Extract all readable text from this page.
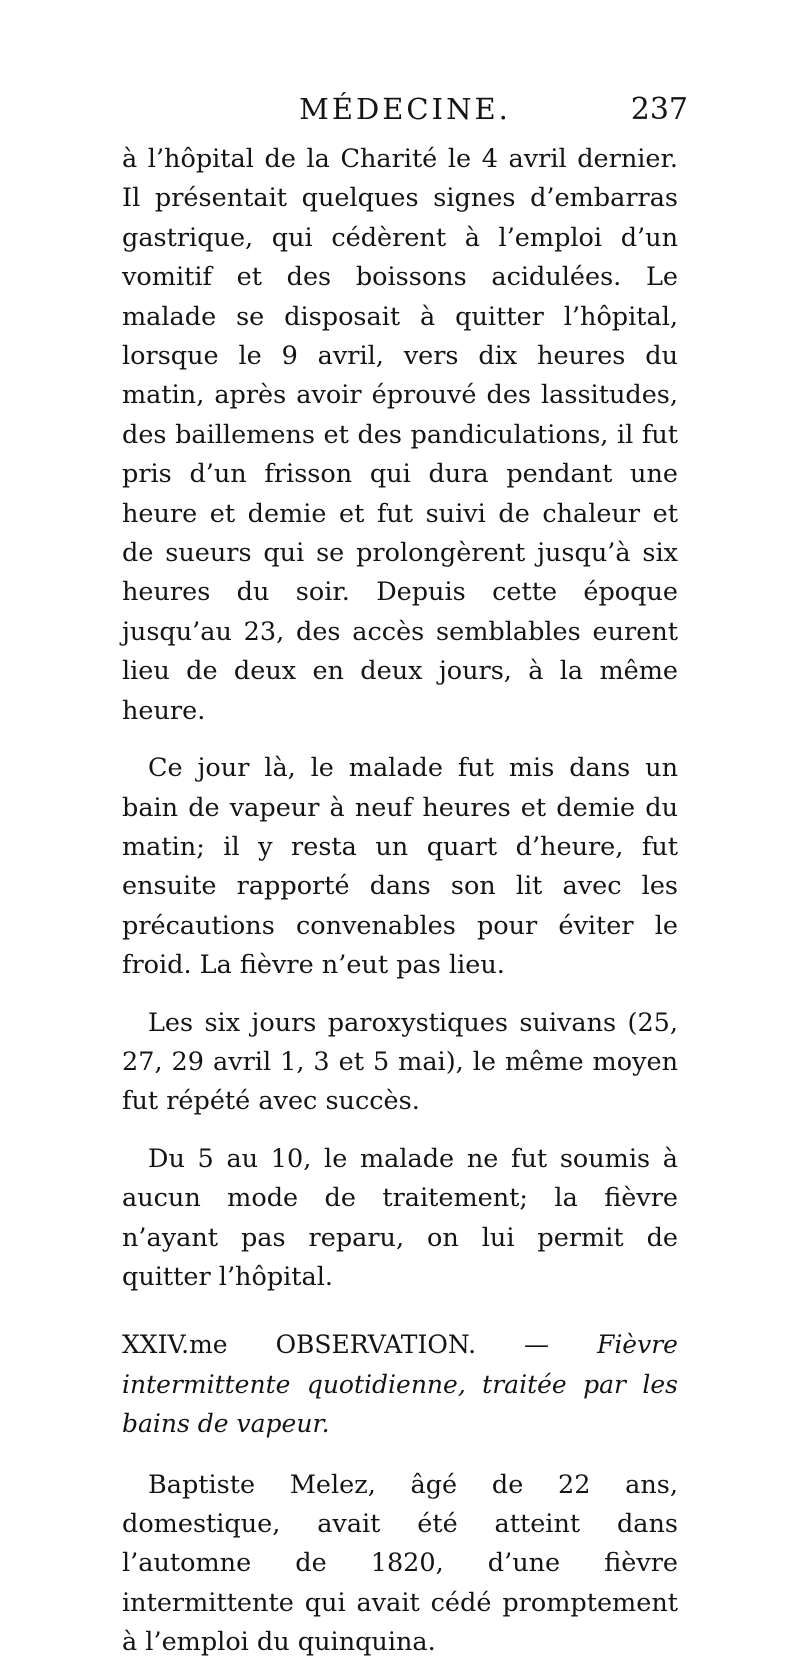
MÉDECINE.	237

à l’hôpital de la Charité le 4 avril dernier. Il présentait quelques signes d’embarras gastrique, qui cédèrent à l’emploi d’un vomitif et des boissons acidulées. Le malade se disposait à quitter l’hôpital, lorsque le 9 avril, vers dix heures du matin, après avoir éprouvé des lassitudes, des baillemens et des pandiculations, il fut pris d’un frisson qui dura pendant une heure et demie et fut suivi de chaleur et de sueurs qui se prolongèrent jusqu’à six heures du soir. Depuis cette époque jusqu’au 23, des accès semblables eurent lieu de deux en deux jours, à la même heure.

Ce jour là, le malade fut mis dans un bain de vapeur à neuf heures et demie du matin; il y resta un quart d’heure, fut ensuite rapporté dans son lit avec les précautions convenables pour éviter le froid. La fièvre n’eut pas lieu.

Les six jours paroxystiques suivans (25, 27, 29 avril 1, 3 et 5 mai), le même moyen fut répété avec succès.

Du 5 au 10, le malade ne fut soumis à aucun mode de traitement; la fièvre n’ayant pas reparu, on lui permit de quitter l’hôpital.

XXIV.me OBSERVATION. — Fièvre intermittente quotidienne, traitée par les bains de vapeur.

Baptiste Melez, âgé de 22 ans, domestique, avait été atteint dans l’automne de 1820, d’une fièvre intermittente qui avait cédé promptement à l’emploi du quinquina.
